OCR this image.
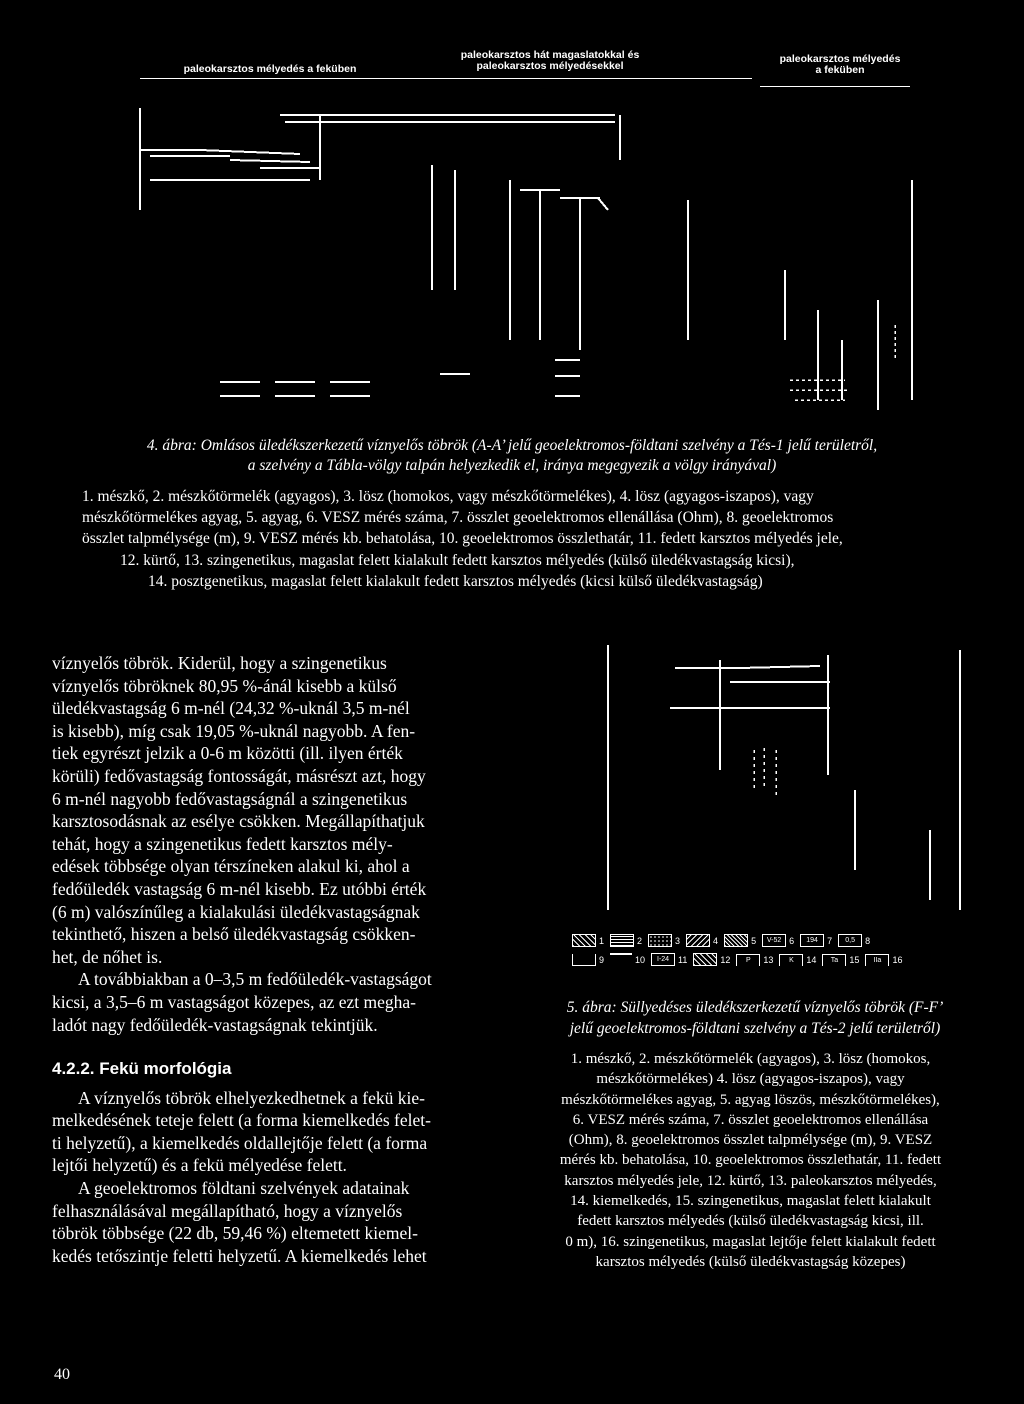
paleokarsztos mélyedés a feküben
paleokarsztos hát magaslatokkal és
paleokarsztos mélyedésekkel
paleokarsztos mélyedés
a feküben
4. ábra: Omlásos üledékszerkezetű víznyelős töbrök (A-A’ jelű geoelektromos-földtani szelvény a Tés-1 jelű területről,
a szelvény a Tábla-völgy talpán helyezkedik el, iránya megegyezik a völgy irányával)

1. mészkő, 2. mészkőtörmelék (agyagos), 3. lösz (homokos, vagy mészkőtörmelékes), 4. lösz (agyagos-iszapos), vagy

mészkőtörmelékes agyag, 5. agyag, 6. VESZ mérés száma, 7. összlet geoelektromos ellenállása (Ohm), 8. geoelektromos

összlet talpmélysége (m), 9. VESZ mérés kb. behatolása, 10. geoelektromos összlethatár, 11. fedett karsztos mélyedés jele,

12. kürtő, 13. szingenetikus, magaslat felett kialakult fedett karsztos mélyedés (külső üledékvastagság kicsi),

14. posztgenetikus, magaslat felett kialakult fedett karsztos mélyedés (kicsi külső üledékvastagság)

víznyelős töbrök. Kiderül, hogy a szingenetikus
víznyelős töbröknek 80,95 %-ánál kisebb a külső
üledékvastagság 6 m-nél (24,32 %-uknál 3,5 m-nél
is kisebb), míg csak 19,05 %-uknál nagyobb. A fen-
tiek egyrészt jelzik a 0-6 m közötti (ill. ilyen érték
körüli) fedővastagság fontosságát, másrészt azt, hogy
6 m-nél nagyobb fedővastagságnál a szingenetikus
karsztosodásnak az esélye csökken. Megállapíthatjuk
tehát, hogy a szingenetikus fedett karsztos mély-
edések többsége olyan térszíneken alakul ki, ahol a
fedőüledék vastagság 6 m-nél kisebb. Ez utóbbi érték
(6 m) valószínűleg a kialakulási üledékvastagságnak
tekinthető, hiszen a belső üledékvastagság csökken-
het, de nőhet is.
A továbbiakban a 0–3,5 m fedőüledék-vastagságot
kicsi, a 3,5–6 m vastagságot közepes, az ezt megha-
ladót nagy fedőüledék-vastagságnak tekintjük.
4.2.2. Fekü morfológia
A víznyelős töbrök elhelyezkedhetnek a fekü kie-
melkedésének teteje felett (a forma kiemelkedés felet-
ti helyzetű), a kiemelkedés oldallejtője felett (a forma
lejtői helyzetű) és a fekü mélyedése felett.
A geoelektromos földtani szelvények adatainak
felhasználásával megállapítható, hogy a víznyelős
töbrök többsége (22 db, 59,46 %) eltemetett kiemel-
kedés tetőszintje feletti helyzetű. A kiemelkedés lehet
1	2	3	4	5	V-52 6	194	7	0,5	8
9	10	I-24 11	12	P	13	K	14	Ta	15	IIa	16
5. ábra: Süllyedéses üledékszerkezetű víznyelős töbrök (F-F’
jelű geoelektromos-földtani szelvény a Tés-2 jelű területről)
1. mészkő, 2. mészkőtörmelék (agyagos), 3. lösz (homokos,
mészkőtörmelékes) 4. lösz (agyagos-iszapos), vagy
mészkőtörmelékes agyag, 5. agyag löszös, mészkőtörmelékes),
6. VESZ mérés száma, 7. összlet geoelektromos ellenállása
(Ohm), 8. geoelektromos összlet talpmélysége (m), 9. VESZ
mérés kb. behatolása, 10. geoelektromos összlethatár, 11. fedett
karsztos mélyedés jele, 12. kürtő, 13. paleokarsztos mélyedés,
14. kiemelkedés, 15. szingenetikus, magaslat felett kialakult
fedett karsztos mélyedés (külső üledékvastagság kicsi, ill.
0 m), 16. szingenetikus, magaslat lejtője felett kialakult fedett
karsztos mélyedés (külső üledékvastagság közepes)
40
